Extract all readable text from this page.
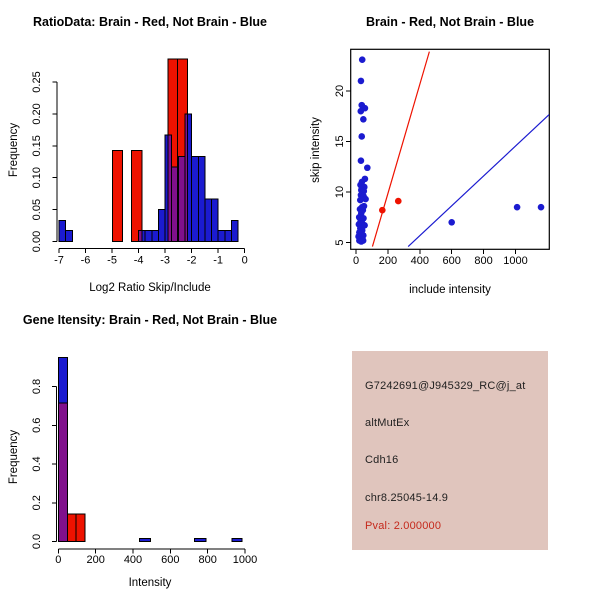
RatioData: Brain - Red, Not Brain - Blue
Frequency
Log2 Ratio Skip/Include
-7 -6 -5 -4 -3 -2 -1 0
0.00
0.05
0.10
0.15
0.20
0.25
Brain - Red, Not Brain - Blue
skip intensity
include intensity
0 200 400 600 800 1000
5
10
15
20
Gene Itensity: Brain - Red, Not Brain - Blue
Frequency
Intensity
0 200 400 600 800 1000
0.0
0.2
0.4
0.6
0.8	G7242691@J945329_RC@j_at
altMutEx
Cdh16
chr8.25045-14.9
Pval: 2.000000
